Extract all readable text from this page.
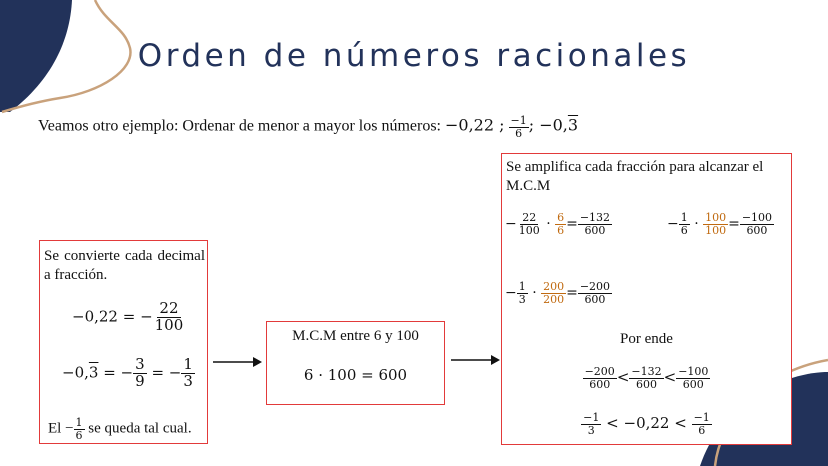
Orden de números racionales
Veamos otro ejemplo: Ordenar de menor a mayor los números: −0,22 ; $\frac{-1}{6}$ ; −0,3
Se convierte cada decimal a fracción.
−0,22 = − $\frac{22}{100}$
−0,3 = − $\frac{3}{9}$ = − $\frac{1}{3}$
$El - \frac{1}{6}$ se queda tal cual.
M.C.M entre 6 y 100
6 · 100 = 600
Se amplifica cada fracción para alcanzar el M.C.M
− $\frac{22}{100} \cdot \frac{6}{6} = \frac{-132}{600}$	− $\frac{1}{6} \cdot \frac{100}{100} = \frac{-100}{600}$
− $\frac{1}{3} \cdot \frac{200}{200} = \frac{-200}{600}$
Por ende
$\frac{-200}{600} < \frac{-132}{600} < \frac{-100}{600}$
$\frac{-1}{3} < -0,22 < \frac{-1}{6}$
